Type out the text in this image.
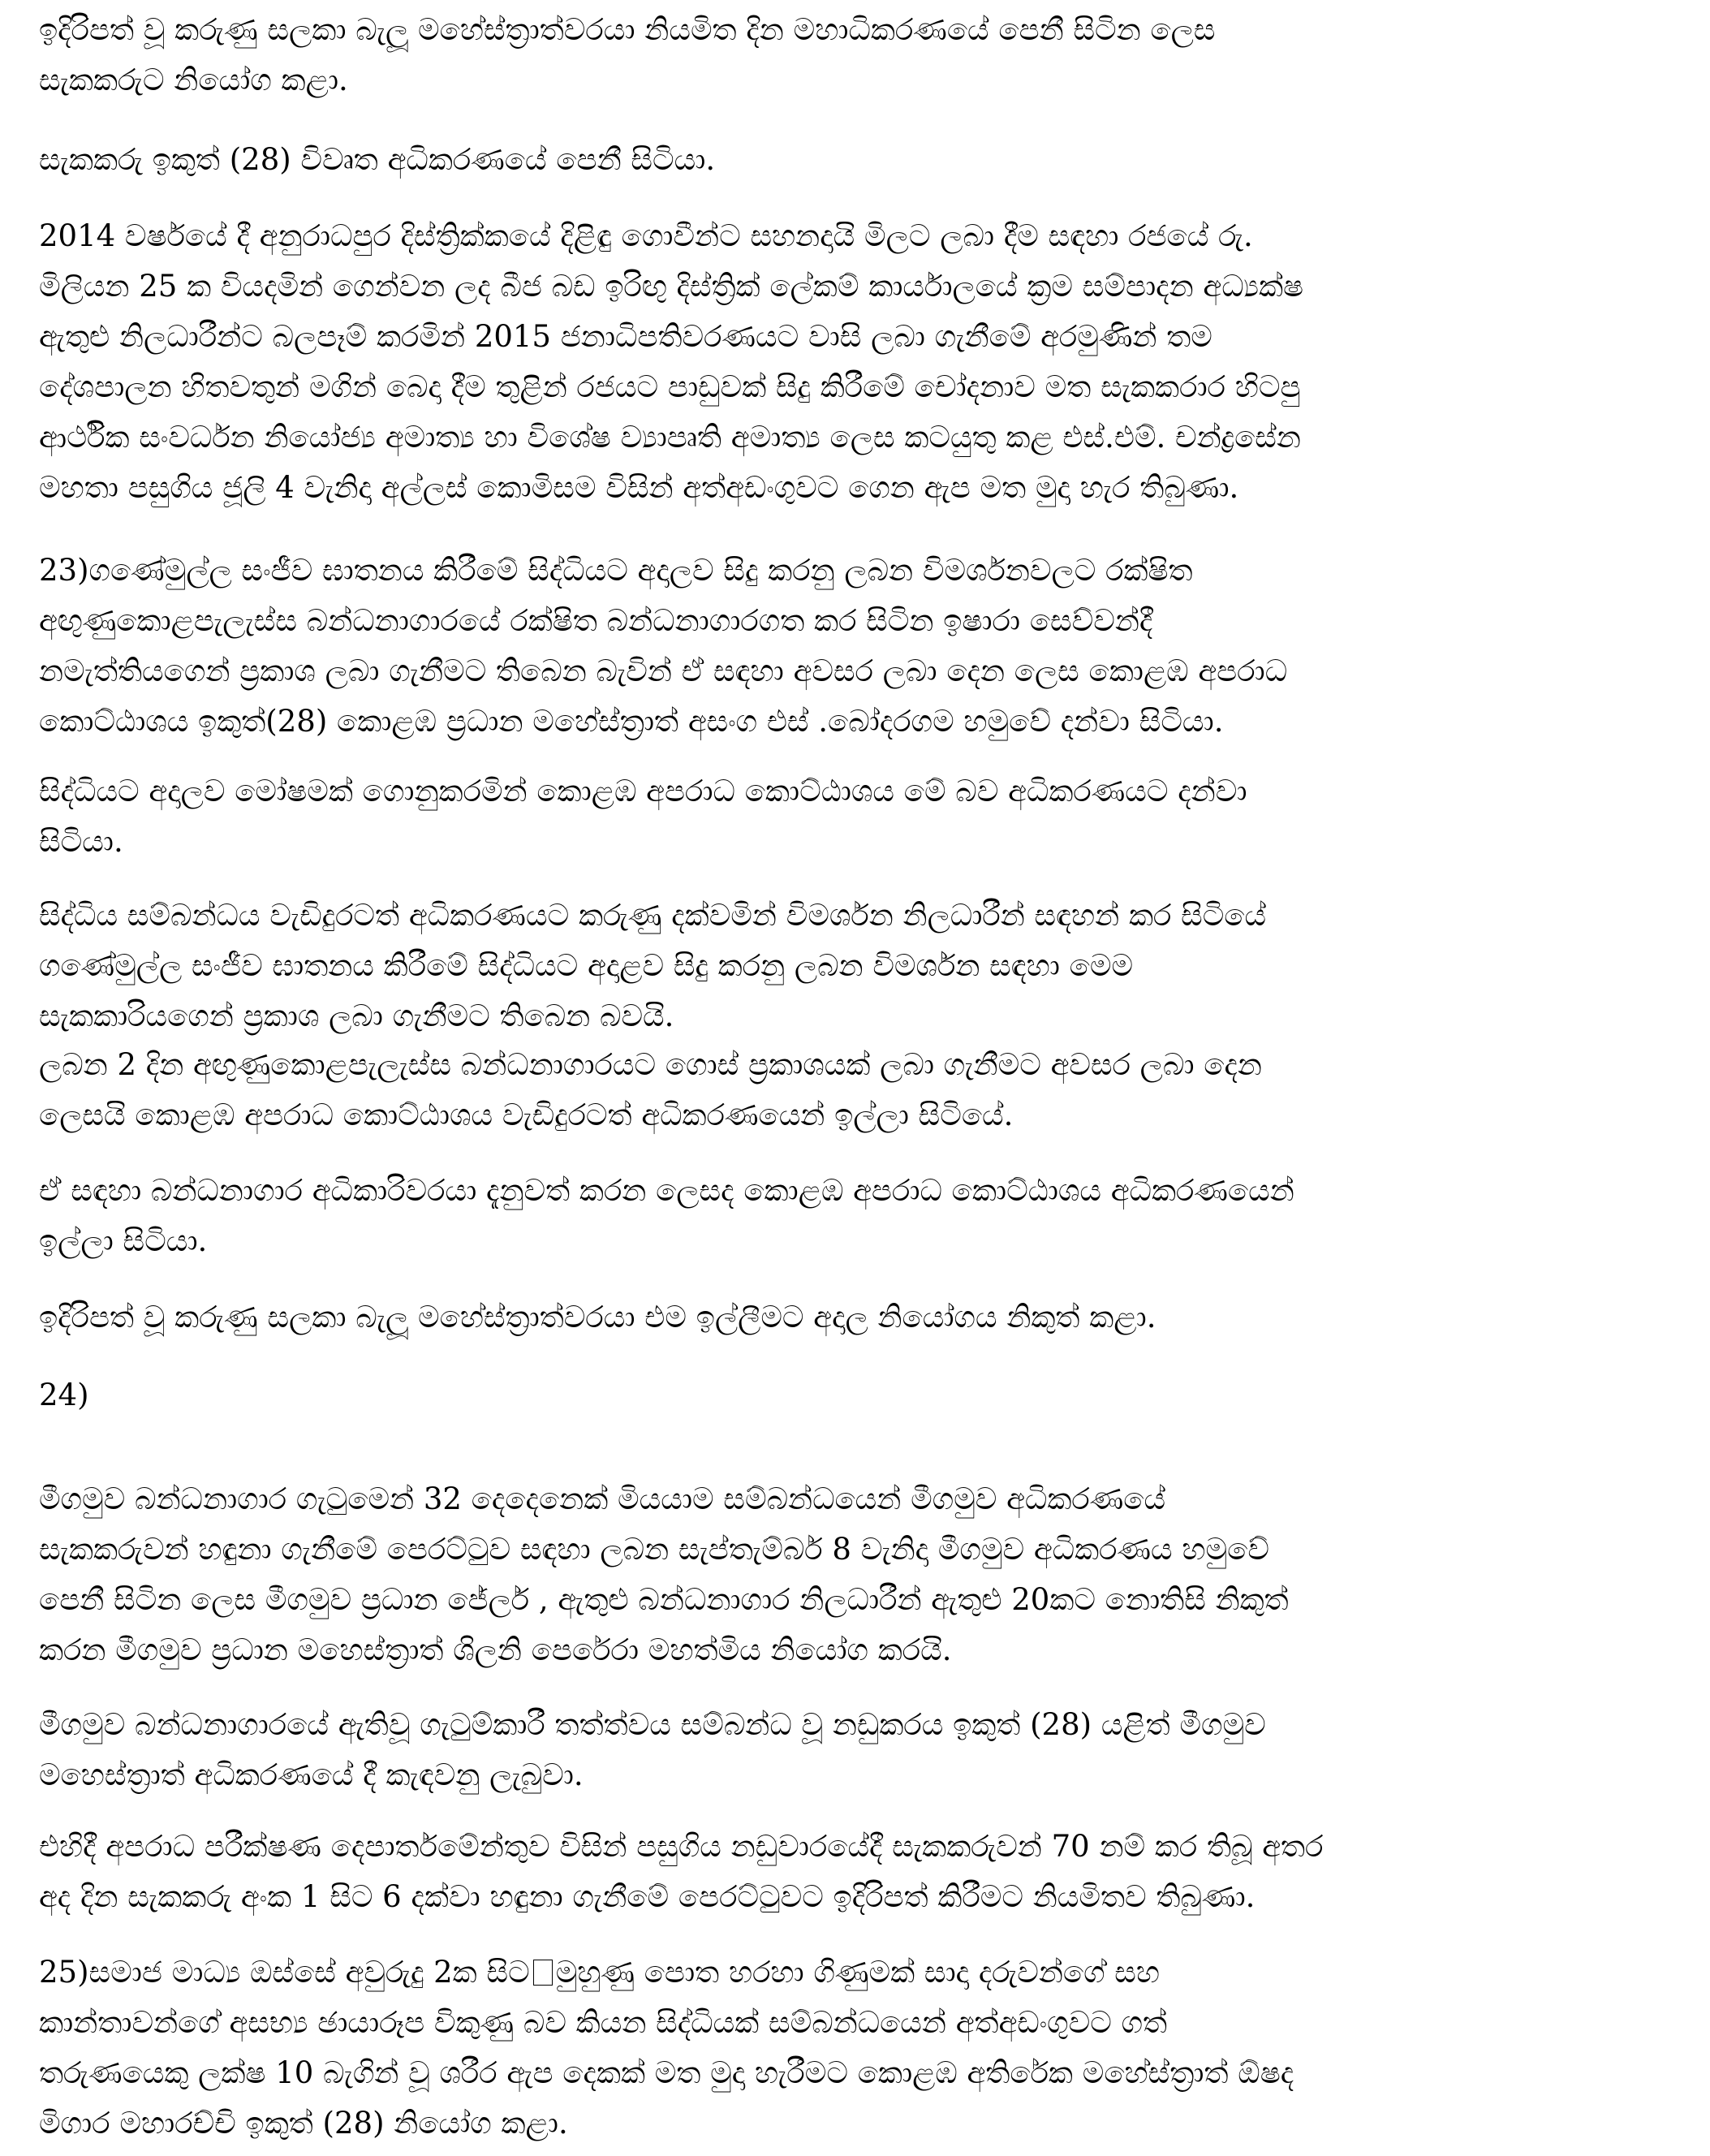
ඉදිරිපත් වූ කරුණු සලකා බැලූ මහේස්ත්‍රාත්වරයා නියමිත දින මහාධිකරණයේ පෙනී සිටින ලෙස
සැකකරුට නියෝග කළා.
සැකකරු ඉකුත් (28) විවෘත අධිකරණයේ පෙනී සිටියා.
2014 වර්ෂයේ දී අනුරාධපුර දිස්ත්‍රික්කයේ දිළිඳු ගොවීන්ට සහනදායි මිලට ලබා දීම සඳහා රජයේ රු.
මිලියන 25 ක වියදමින් ගෙන්වන ලද බීජ බඩ ඉරිඟු දිස්ත්‍රික් ලේකම් කාර්යාලයේ ක්‍රම සම්පාදන අධ්‍යක්ෂ
ඇතුළු නිලධාරීන්ට බලපෑම් කරමින් 2015 ජනාධිපතිවරණයට වාසි ලබා ගැනීමේ අරමුණින් තම
දේශපාලන හිතවතුන් මගින් බෙදා දීම තුළින් රජයට පාඩුවක් සිදු කිරීමේ චෝදනාව මත සැකකරාර හිටපු
ආර්ථික සංවර්ධන නියෝජ්‍ය අමාත්‍ය හා විශේෂ ව්‍යාපෘති අමාත්‍ය ලෙස කටයුතු කළ එස්.එම්. චන්ද්‍රසේන
මහතා පසුගිය ජූලි 4 වැනිදා අල්ලස් කොමිසම විසින් අත්අඩංගුවට ගෙන ඇප මත මුදා හැර තිබුණා.
23)ගණේමුල්ල සංජීව ඝාතනය කිරීමේ සිද්ධියට අදාලව සිදු කරනු ලබන විමර්ශනවලට රක්ෂිත
අඟුණුකොළපැලැස්ස බන්ධනාගාරයේ රක්ෂිත බන්ධනාගාරගත කර සිටින ඉෂාරා සෙව්වන්දී
නමැත්තියගෙන් ප්‍රකාශ ලබා ගැනීමට තිබෙන බැවින් ඒ සඳහා අවසර ලබා දෙන ලෙස කොළඹ අපරාධ
කොට්ඨාශය ඉකුත්(28) කොළඹ ප්‍රධාන මහේස්ත්‍රාත් අසංග එස් .බෝදරගම හමුවේ දන්වා සිටියා.
සිද්ධියට අදාලව මෝෂමක් ගොනුකරමින් කොළඹ අපරාධ කොට්ඨාශය මේ බව අධිකරණයට දන්වා
සිටියා.
සිද්ධිය සම්බන්ධය වැඩිදුරටත් අධිකරණයට කරුණු දක්වමින් විමර්ශන නිලධාරීන් සඳහන් කර සිටියේ
ගණේමුල්ල සංජීව ඝාතනය කිරීමේ සිද්ධියට අදාළව සිදු කරනු ලබන විමර්ශන සඳහා මෙම
සැකකාරියගෙන් ප්‍රකාශ ලබා ගැනීමට තිබෙන බවයි.
ලබන 2 දින අඟුණුකොළපැලැස්ස බන්ධනාගාරයට ගොස් ප්‍රකාශයක් ලබා ගැනීමට අවසර ලබා දෙන
ලෙසයි කොළඹ අපරාධ කොට්ඨාශය වැඩිදුරටත් අධිකරණයෙන් ඉල්ලා සිටියේ.
ඒ සඳහා බන්ධනාගාර අධිකාරිවරයා දැනුවත් කරන ලෙසද කොළඹ අපරාධ කොට්ඨාශය අධිකරණයෙන්
ඉල්ලා සිටියා.
ඉදිරිපත් වූ කරුණු සලකා බැලූ මහේස්ත්‍රාත්වරයා එම ඉල්ලීමට අදාල නියෝගය නිකුත් කළා.
24)
මීගමුව බන්ධනාගාර ගැටුමෙන් 32 දෙදෙනෙක් මියයාම සම්බන්ධයෙන් මීගමුව අධිකරණයේ
සැකකරුවන් හඳුනා ගැනීමේ පෙරට්ටුව සඳහා ලබන සැප්තැම්බර් 8 වැනිදා මීගමුව අධිකරණය හමුවේ
පෙනී සිටින ලෙස මීගමුව ප්‍රධාන ජේලර් , ඇතුළු බන්ධනාගාර නිලධාරීන් ඇතුළු 20කට නොතිසි නිකුත්
කරන මීගමුව ප්‍රධාන මහෙස්ත්‍රාත් ශිලනි පෙරේරා මහත්මිය නියෝග කරයි.
මීගමුව බන්ධනාගාරයේ ඇතිවූ ගැටුම්කාරී තත්ත්වය සම්බන්ධ වූ නඩුකරය ඉකුත් (28) යළිත් මීගමුව
මහෙස්ත්‍රාත් අධිකරණයේ දී කැඳවනු ලැබුවා.
එහිදී අපරාධ පරීක්ෂණ දෙපාර්තමේන්තුව විසින් පසුගිය නඩුවාරයේදී සැකකරුවන් 70 නම් කර තිබූ අතර
අද දින සැකකරු අංක 1 සිට 6 දක්වා හඳුනා ගැනීමේ පෙරට්ටුවට ඉදිරිපත් කිරීමට නියමිතව තිබුණා.
25)සමාජ මාධ්‍ය ඔස්සේ අවුරුදු 2ක සිට මුහුණු පොත හරහා ගිණුමක් සාදා දරුවන්ගේ සහ
කාන්තාවන්ගේ අසභ්‍ය ඡායාරූප විකුණු බව කියන සිද්ධියක් සම්බන්ධයෙන් අත්අඩංගුවට ගත්
තරුණයෙකු ලක්ෂ 10 බැගින් වූ ශරීර ඇප දෙකක් මත මුදා හැරීමට කොළඹ අතිරේක මහේස්ත්‍රාත් ඕෂද
මිගාර මහාරච්චි ඉකුත් (28) නියෝග කළා.
